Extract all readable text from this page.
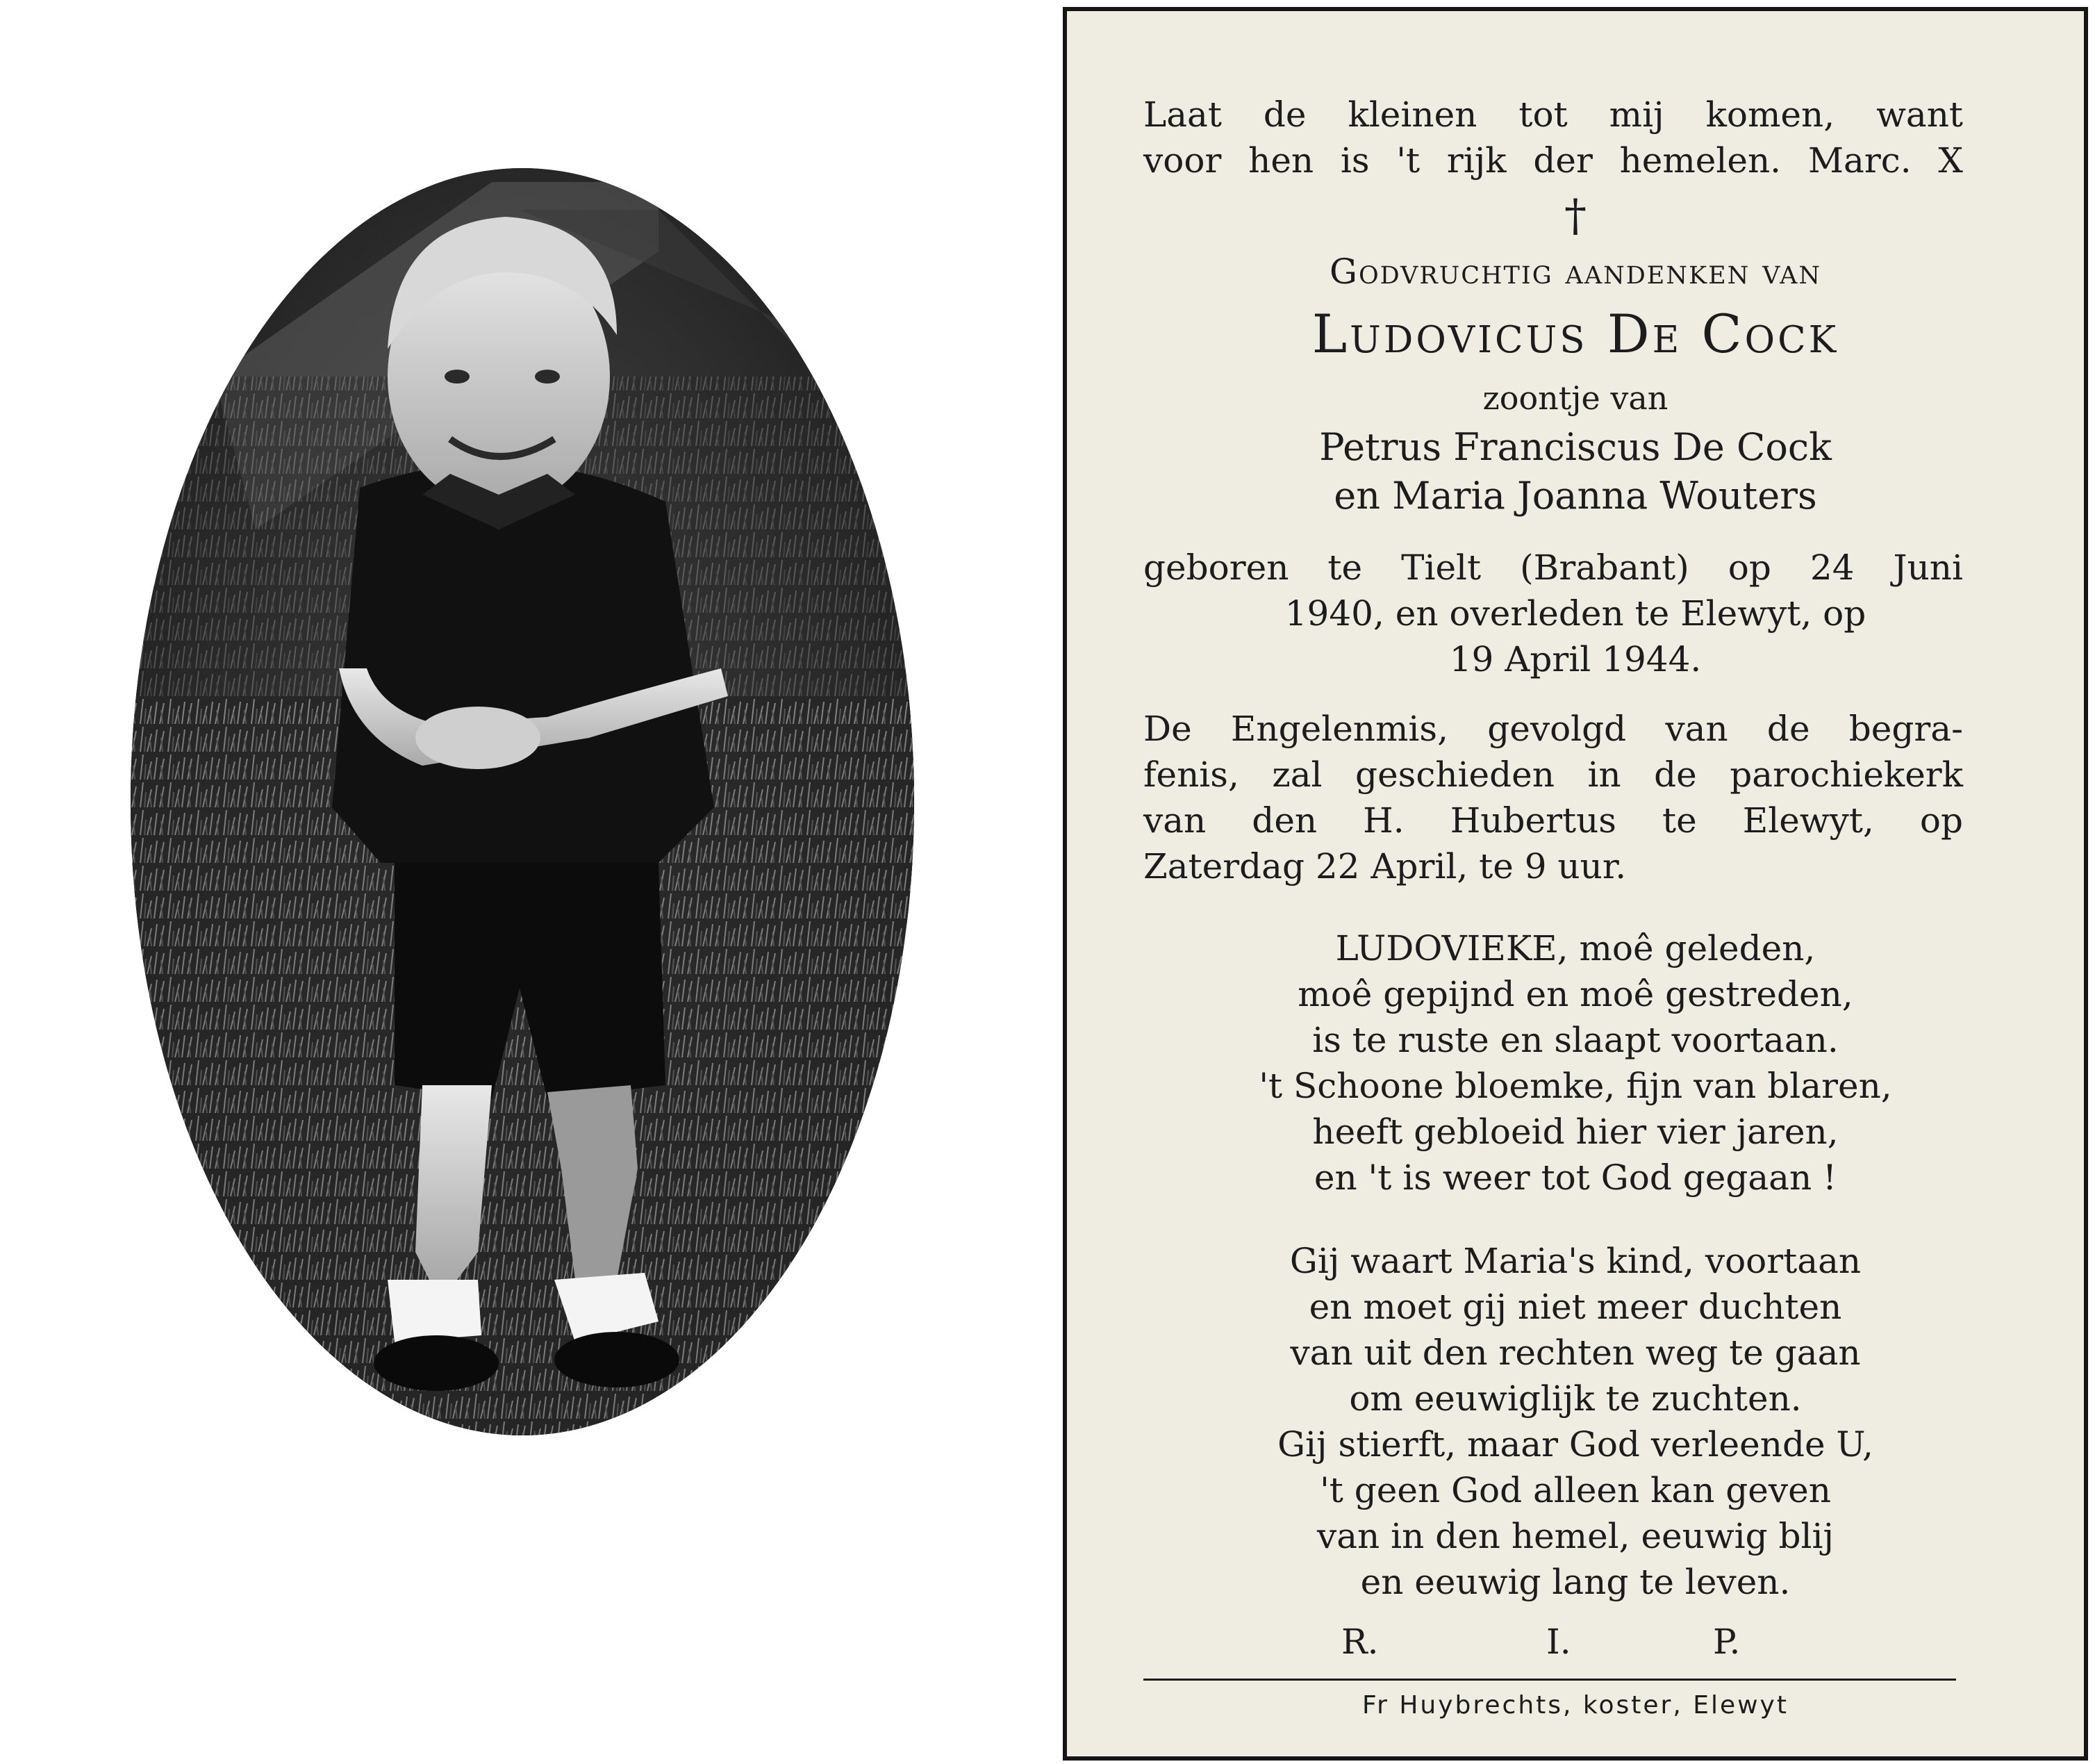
Laat de kleinen tot mij komen, want
voor hen is 't rijk der hemelen. Marc. X
†
Godvruchtig aandenken van
Ludovicus De Cock
zoontje van
Petrus Franciscus De Cock
en Maria Joanna Wouters
geboren te Tielt (Brabant) op 24 Juni
1940, en overleden te Elewyt, op
19 April 1944.
De Engelenmis, gevolgd van de begra-
fenis, zal geschieden in de parochiekerk
van den H. Hubertus te Elewyt, op
Zaterdag 22 April, te 9 uur.
LUDOVIEKE, moê geleden,
moê gepijnd en moê gestreden,
is te ruste en slaapt voortaan.
't Schoone bloemke, fijn van blaren,
heeft gebloeid hier vier jaren,
en 't is weer tot God gegaan !
Gij waart Maria's kind, voortaan
en moet gij niet meer duchten
van uit den rechten weg te gaan
om eeuwiglijk te zuchten.
Gij stierft, maar God verleende U,
't geen God alleen kan geven
van in den hemel, eeuwig blij
en eeuwig lang te leven.
R.	I.	P.
Fr Huybrechts, koster, Elewyt
